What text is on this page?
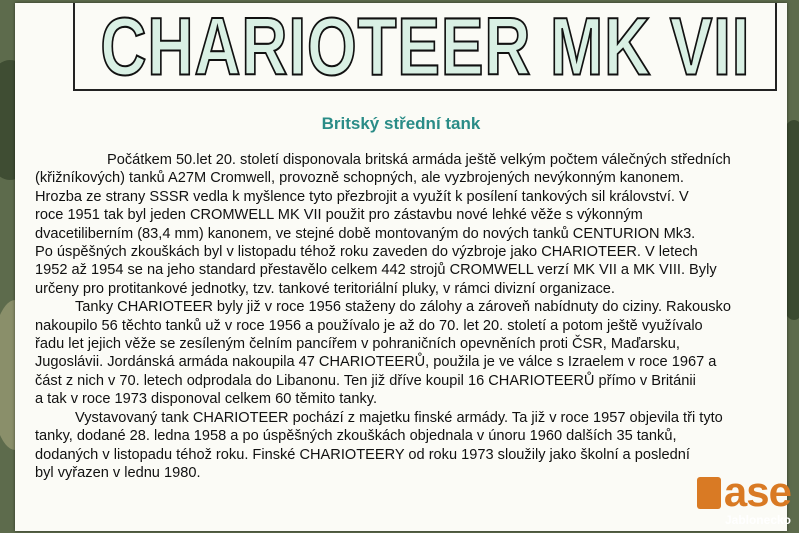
CHARIOTEER MK VII
Britský střední tank

Počátkem 50.let 20. století disponovala britská armáda ještě velkým počtem válečných středních
(křižníkových) tanků A27M Cromwell, provozně schopných, ale vyzbrojených nevýkonným kanonem.
Hrozba ze strany SSSR vedla k myšlence tyto přezbrojit a využít k posílení tankových sil království. V
roce 1951 tak byl jeden CROMWELL MK VII použit pro zástavbu nové lehké věže s výkonným
dvacetiliberním (83,4 mm) kanonem, ve stejné době montovaným do nových tanků CENTURION Mk3.
Po úspěšných zkouškách byl v listopadu téhož roku zaveden do výzbroje jako CHARIOTEER. V letech
1952 až 1954 se na jeho standard přestavělo celkem 442 strojů CROMWELL verzí MK VII a MK VIII. Byly
určeny pro protitankové jednotky, tzv. tankové teritoriální pluky, v rámci divizní organizace.

Tanky CHARIOTEER byly již v roce 1956 staženy do zálohy a zároveň nabídnuty do ciziny. Rakousko
nakoupilo 56 těchto tanků už v roce 1956 a používalo je až do 70. let 20. století a potom ještě využívalo
řadu let jejich věže se zesíleným čelním pancířem v pohraničních opevněních proti ČSR, Maďarsku,
Jugoslávii. Jordánská armáda nakoupila 47 CHARIOTEERŮ, použila je ve válce s Izraelem v roce 1967 a
část z nich v 70. letech odprodala do Libanonu. Ten již dříve koupil 16 CHARIOTEERŮ přímo v Británii
a tak v roce 1973 disponoval celkem 60 těmito tanky.

Vystavovaný tank CHARIOTEER pochází z majetku finské armády. Ta již v roce 1957 objevila tři tyto
tanky, dodané 28. ledna 1958 a po úspěšných zkouškách objednala v únoru 1960 dalších 35 tanků,
dodaných v listopadu téhož roku. Finské CHARIOTEERY od roku 1973 sloužily jako školní a poslední
byl vyřazen v lednu 1980.	ase
Jablonecko
